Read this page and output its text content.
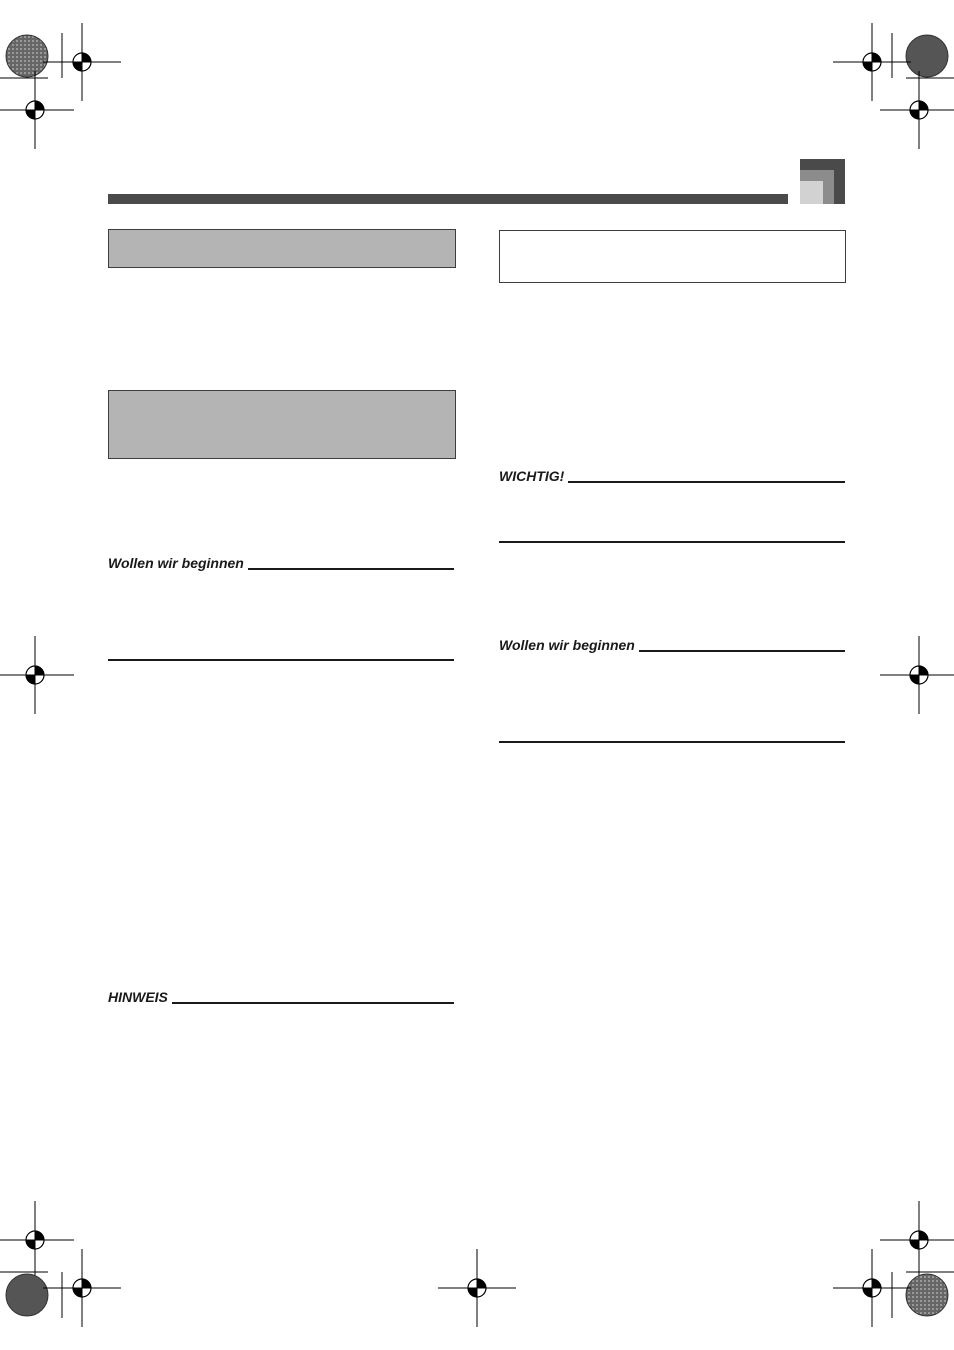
Wollen wir beginnen
HINWEIS
WICHTIG!
Wollen wir beginnen
